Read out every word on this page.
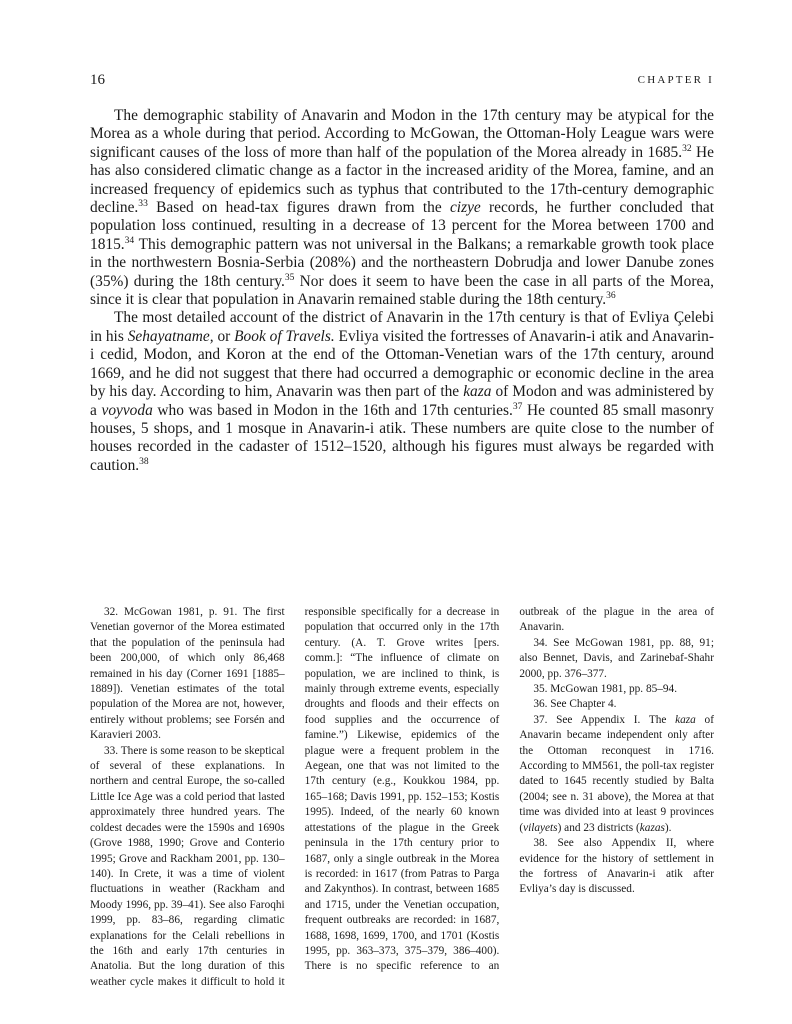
16	CHAPTER I

The demographic stability of Anavarin and Modon in the 17th century may be atypical for the Morea as a whole during that period. According to McGowan, the Ottoman-Holy League wars were significant causes of the loss of more than half of the population of the Morea already in 1685.32 He has also considered climatic change as a factor in the increased aridity of the Morea, famine, and an increased frequency of epidemics such as typhus that contributed to the 17th-century demographic decline.$^{33}$ Based on head-tax figures drawn from the cizye records, he further concluded that population loss continued, resulting in a decrease of 13 percent for the Morea between 1700 and 1815.34 This demographic pattern was not universal in the Balkans; a remarkable growth took place in the northwestern Bosnia-Serbia (208%) and the northeastern Dobrudja and lower Danube zones (35%) during the 18th century.$^{35}$ Nor does it seem to have been the case in all parts of the Morea, since it is clear that population in Anavarin remained stable during the 18th century.$^{36}$

The most detailed account of the district of Anavarin in the 17th century is that of Evliya Çelebi in his Sehayatname, or Book of Travels. Evliya visited the fortresses of Anavarin-i atik and Anavarin-i cedid, Modon, and Koron at the end of the Ottoman-Venetian wars of the 17th century, around 1669, and he did not suggest that there had occurred a demographic or economic decline in the area by his day. According to him, Anavarin was then part of the kaza of Modon and was administered by a voyvoda who was based in Modon in the 16th and 17th centuries.$^{37}$ He counted 85 small masonry houses, 5 shops, and 1 mosque in Anavarin-i atik. These numbers are quite close to the number of houses recorded in the cadaster of 1512–1520, although his figures must always be regarded with caution.$^{38}$

32. McGowan 1981, p. 91. The first Venetian governor of the Morea estimated that the population of the peninsula had been 200,000, of which only 86,468 remained in his day (Corner 1691 [1885–1889]). Venetian estimates of the total population of the Morea are not, however, entirely without problems; see Forsén and Karavieri 2003.

33. There is some reason to be skeptical of several of these explanations. In northern and central Europe, the so-called Little Ice Age was a cold period that lasted approximately three hundred years. The coldest decades were the 1590s and 1690s (Grove 1988, 1990; Grove and Conterio 1995; Grove and Rackham 2001, pp. 130–140). In Crete, it was a time of violent fluctuations in weather (Rackham and Moody 1996, pp. 39–41). See also Faroqhi 1999, pp. 83–86, regarding climatic explanations for the Celali rebellions in the 16th and early 17th centuries in Anatolia. But the long duration of this weather cycle makes it difficult to hold it responsible specifically for a decrease in population that occurred only in the 17th century. (A. T. Grove writes [pers. comm.]: “The influence of climate on population, we are inclined to think, is mainly through extreme events, especially droughts and floods and their effects on food supplies and the occurrence of famine.”) Likewise, epidemics of the plague were a frequent problem in the Aegean, one that was not limited to the 17th century (e.g., Koukkou 1984, pp. 165–168; Davis 1991, pp. 152–153; Kostis 1995). Indeed, of the nearly 60 known attestations of the plague in the Greek peninsula in the 17th century prior to 1687, only a single outbreak in the Morea is recorded: in 1617 (from Patras to Parga and Zakynthos). In contrast, between 1685 and 1715, under the Venetian occupation, frequent outbreaks are recorded: in 1687, 1688, 1698, 1699, 1700, and 1701 (Kostis 1995, pp. 363–373, 375–379, 386–400). There is no specific reference to an outbreak of the plague in the area of Anavarin.

34. See McGowan 1981, pp. 88, 91; also Bennet, Davis, and Zarinebaf-Shahr 2000, pp. 376–377.

35. McGowan 1981, pp. 85–94.

36. See Chapter 4.

37. See Appendix I. The kaza of Anavarin became independent only after the Ottoman reconquest in 1716. According to MM561, the poll-tax register dated to 1645 recently studied by Balta (2004; see n. 31 above), the Morea at that time was divided into at least 9 provinces (vilayets) and 23 districts (kazas).

38. See also Appendix II, where evidence for the history of settlement in the fortress of Anavarin-i atik after Evliya’s day is discussed.
